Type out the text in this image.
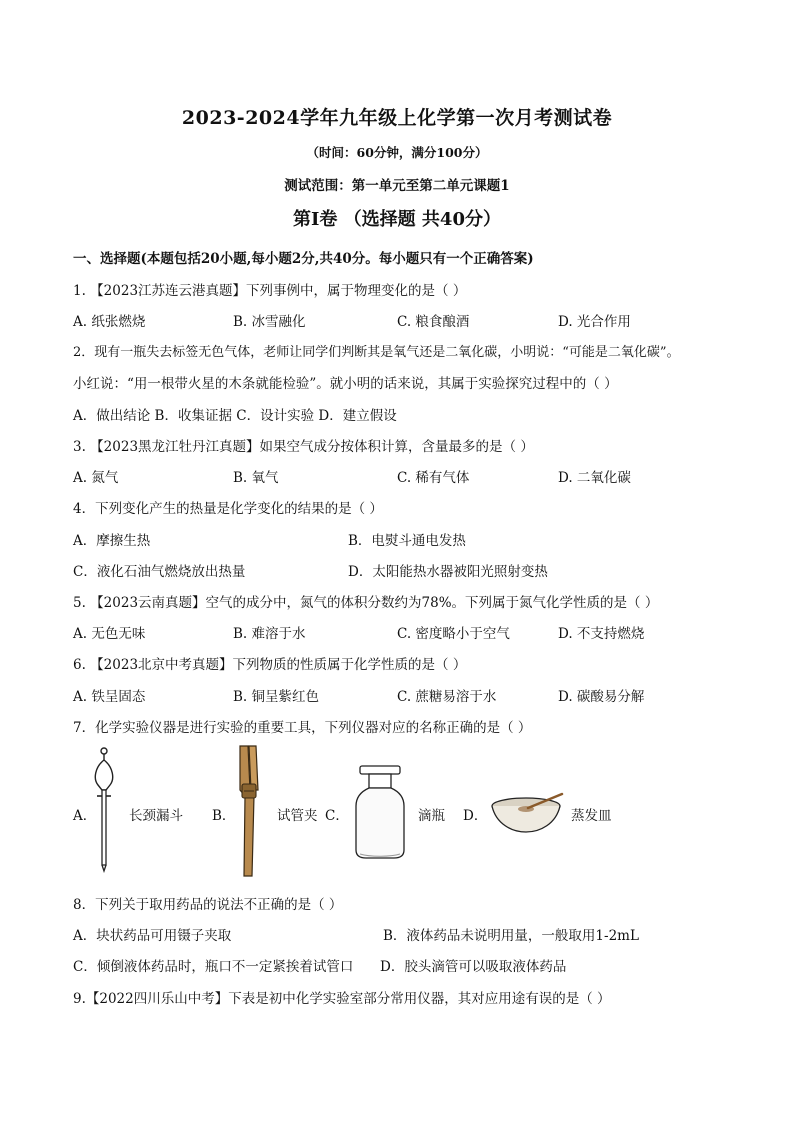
2023-2024学年九年级上化学第一次月考测试卷
（时间：60分钟，满分100分）
测试范围：第一单元至第二单元课题1
第Ⅰ卷 （选择题 共40分）
一、选择题(本题包括20小题,每小题2分,共40分。每小题只有一个正确答案)
1. 【2023江苏连云港真题】下列事例中，属于物理变化的是（ ）
A. 纸张燃烧	B. 冰雪融化	C. 粮食酿酒	D. 光合作用
2．现有一瓶失去标签无色气体，老师让同学们判断其是氧气还是二氧化碳，小明说：“可能是二氧化碳”。
小红说：“用一根带火星的木条就能检验”。就小明的话来说，其属于实验探究过程中的（ ）
A．做出结论 B．收集证据 C．设计实验 D．建立假设
3. 【2023黑龙江牡丹江真题】如果空气成分按体积计算，含量最多的是（ ）
A. 氮气	B. 氧气	C. 稀有气体	D. 二氧化碳
4．下列变化产生的热量是化学变化的结果的是（ ）
A．摩擦生热	B．电熨斗通电发热
C．液化石油气燃烧放出热量	D．太阳能热水器被阳光照射变热
5. 【2023云南真题】空气的成分中，氮气的体积分数约为78%。下列属于氮气化学性质的是（ ）
A. 无色无味	B. 难溶于水	C. 密度略小于空气	D. 不支持燃烧
6. 【2023北京中考真题】下列物质的性质属于化学性质的是（ ）
A. 铁呈固态	B. 铜呈紫红色	C. 蔗糖易溶于水	D. 碳酸易分解
7．化学实验仪器是进行实验的重要工具，下列仪器对应的名称正确的是（ ）
A． 长颈漏斗 B．	试管夹 C．	滴瓶 D．	蒸发皿
8．下列关于取用药品的说法不正确的是（ ）
A．块状药品可用镊子夹取	B．液体药品未说明用量，一般取用1-2mL
C．倾倒液体药品时，瓶口不一定紧挨着试管口 D．胶头滴管可以吸取液体药品
9.【2022四川乐山中考】下表是初中化学实验室部分常用仪器，其对应用途有误的是（ ）
